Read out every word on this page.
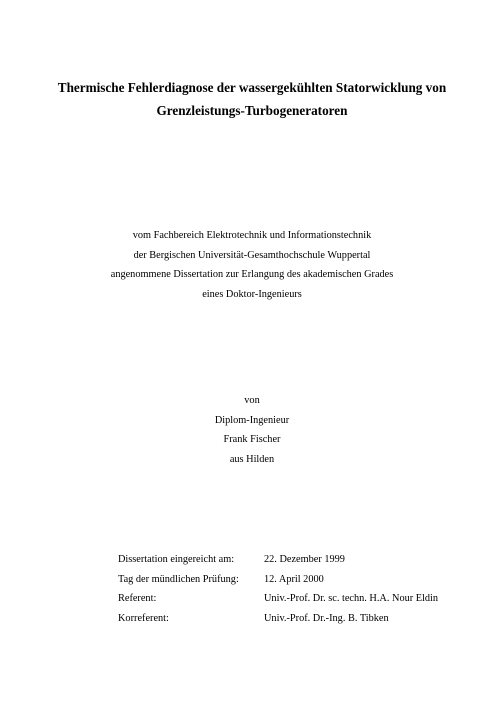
Thermische Fehlerdiagnose der wassergekühlten Statorwicklung von
Grenzleistungs-Turbogeneratoren
vom Fachbereich Elektrotechnik und Informationstechnik
der Bergischen Universität-Gesamthochschule Wuppertal
angenommene Dissertation zur Erlangung des akademischen Grades
eines Doktor-Ingenieurs
von
Diplom-Ingenieur
Frank Fischer
aus Hilden
Dissertation eingereicht am:	22. Dezember 1999
Tag der mündlichen Prüfung:	12. April 2000
Referent:	Univ.-Prof. Dr. sc. techn. H.A. Nour Eldin
Korreferent:	Univ.-Prof. Dr.-Ing. B. Tibken
